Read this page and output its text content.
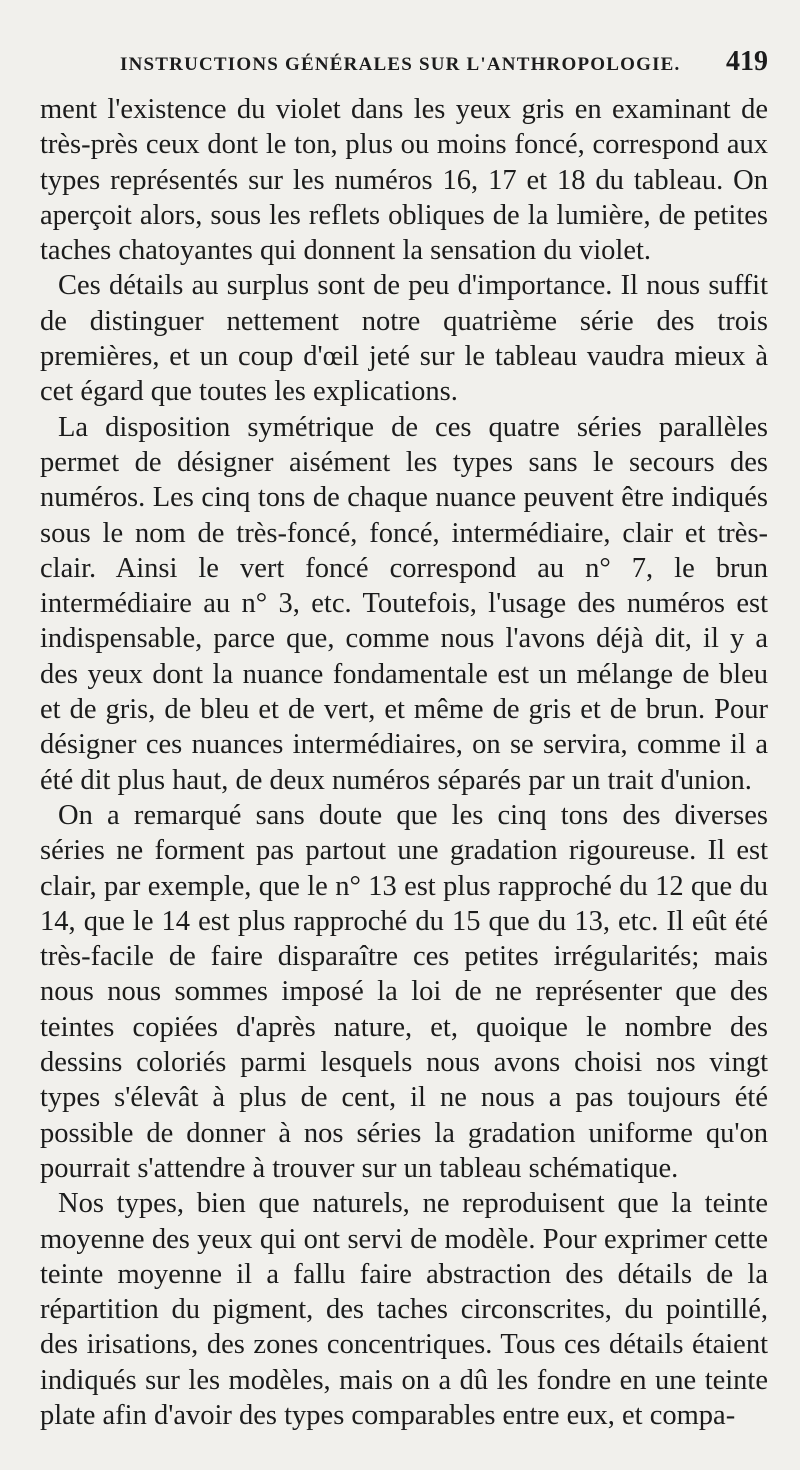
INSTRUCTIONS GÉNÉRALES SUR L'ANTHROPOLOGIE. 419

ment l'existence du violet dans les yeux gris en examinant de très-près ceux dont le ton, plus ou moins foncé, correspond aux types représentés sur les numéros 16, 17 et 18 du tableau. On aperçoit alors, sous les reflets obliques de la lumière, de petites taches chatoyantes qui donnent la sensation du violet.

Ces détails au surplus sont de peu d'importance. Il nous suffit de distinguer nettement notre quatrième série des trois premières, et un coup d'œil jeté sur le tableau vaudra mieux à cet égard que toutes les explications.

La disposition symétrique de ces quatre séries parallèles permet de désigner aisément les types sans le secours des numéros. Les cinq tons de chaque nuance peuvent être indiqués sous le nom de très-foncé, foncé, intermédiaire, clair et très-clair. Ainsi le vert foncé correspond au n° 7, le brun intermédiaire au n° 3, etc. Toutefois, l'usage des numéros est indispensable, parce que, comme nous l'avons déjà dit, il y a des yeux dont la nuance fondamentale est un mélange de bleu et de gris, de bleu et de vert, et même de gris et de brun. Pour désigner ces nuances intermédiaires, on se servira, comme il a été dit plus haut, de deux numéros séparés par un trait d'union.

On a remarqué sans doute que les cinq tons des diverses séries ne forment pas partout une gradation rigoureuse. Il est clair, par exemple, que le n° 13 est plus rapproché du 12 que du 14, que le 14 est plus rapproché du 15 que du 13, etc. Il eût été très-facile de faire disparaître ces petites irrégularités; mais nous nous sommes imposé la loi de ne représenter que des teintes copiées d'après nature, et, quoique le nombre des dessins coloriés parmi lesquels nous avons choisi nos vingt types s'élevât à plus de cent, il ne nous a pas toujours été possible de donner à nos séries la gradation uniforme qu'on pourrait s'attendre à trouver sur un tableau schématique.

Nos types, bien que naturels, ne reproduisent que la teinte moyenne des yeux qui ont servi de modèle. Pour exprimer cette teinte moyenne il a fallu faire abstraction des détails de la répartition du pigment, des taches circonscrites, du pointillé, des irisations, des zones concentriques. Tous ces détails étaient indiqués sur les modèles, mais on a dû les fondre en une teinte plate afin d'avoir des types comparables entre eux, et compa-
